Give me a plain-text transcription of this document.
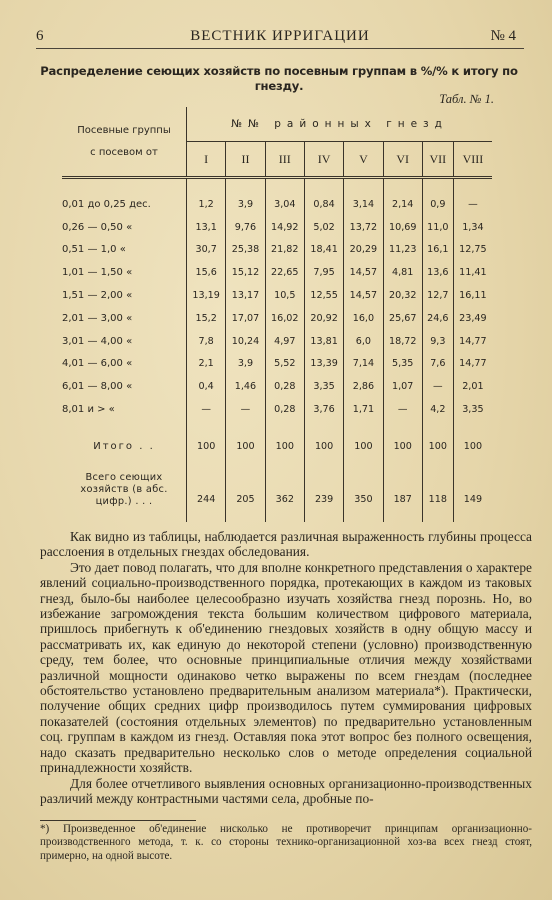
6	ВЕСТНИК ИРРИГАЦИИ	№ 4
Распределение сеющих хозяйств по посевным группам в %/% к итогу по гнезду.
Табл. № 1.
Посевные группы
с посевом от	№№ районных гнезд							
	I	II	III	IV	V	VI	VII	VIII

0,01 до 0,25 дес.	1,2	3,9	3,04	0,84	3,14	2,14	0,9	—
0,26 — 0,50 «	13,1	9,76	14,92	5,02	13,72	10,69	11,0	1,34
0,51 — 1,0 «	30,7	25,38	21,82	18,41	20,29	11,23	16,1	12,75
1,01 — 1,50 «	15,6	15,12	22,65	7,95	14,57	4,81	13,6	11,41
1,51 — 2,00 «	13,19	13,17	10,5	12,55	14,57	20,32	12,7	16,11
2,01 — 3,00 «	15,2	17,07	16,02	20,92	16,0	25,67	24,6	23,49
3,01 — 4,00 «	7,8	10,24	4,97	13,81	6,0	18,72	9,3	14,77
4,01 — 6,00 «	2,1	3,9	5,52	13,39	7,14	5,35	7,6	14,77
6,01 — 8,00 «	0,4	1,46	0,28	3,35	2,86	1,07	—	2,01
8,01 и > «	—	—	0,28	3,76	1,71	—	4,2	3,35

Итого . .	100	100	100	100	100	100	100	100
Всего сеющих хозяйств (в абс. цифр.) . . .	244	205	362	239	350	187	118	149

Как видно из таблицы, наблюдается различная выраженность глубины процесса расслоения в отдельных гнездах обследования.

Это дает повод полагать, что для вполне конкретного представления о характере явлений социально-производственного порядка, протекающих в каждом из таковых гнезд, было-бы наиболее целесообразно изучать хозяйства гнезд порознь. Но, во избежание загромождения текста большим количеством цифрового материала, пришлось прибегнуть к об'единению гнездовых хозяйств в одну общую массу и рассматривать их, как единую до некоторой степени (условно) производственную среду, тем более, что основные принципиальные отличия между хозяйствами различной мощности одинаково четко выражены по всем гнездам (последнее обстоятельство установлено предварительным анализом материала*). Практически, получение общих средних цифр производилось путем суммирования цифровых показателей (состояния отдельных элементов) по предварительно установленным соц. группам в каждом из гнезд. Оставляя пока этот вопрос без полного освещения, надо сказать предварительно несколько слов о методе определения социальной принадлежности хозяйств.

Для более отчетливого выявления основных организационно-производственных различий между контрастными частями села, дробные по-

*) Произведенное об'единение нисколько не противоречит принципам организационно-производственного метода, т. к. со стороны технико-организационной хоз-ва всех гнезд стоят, примерно, на одной высоте.
